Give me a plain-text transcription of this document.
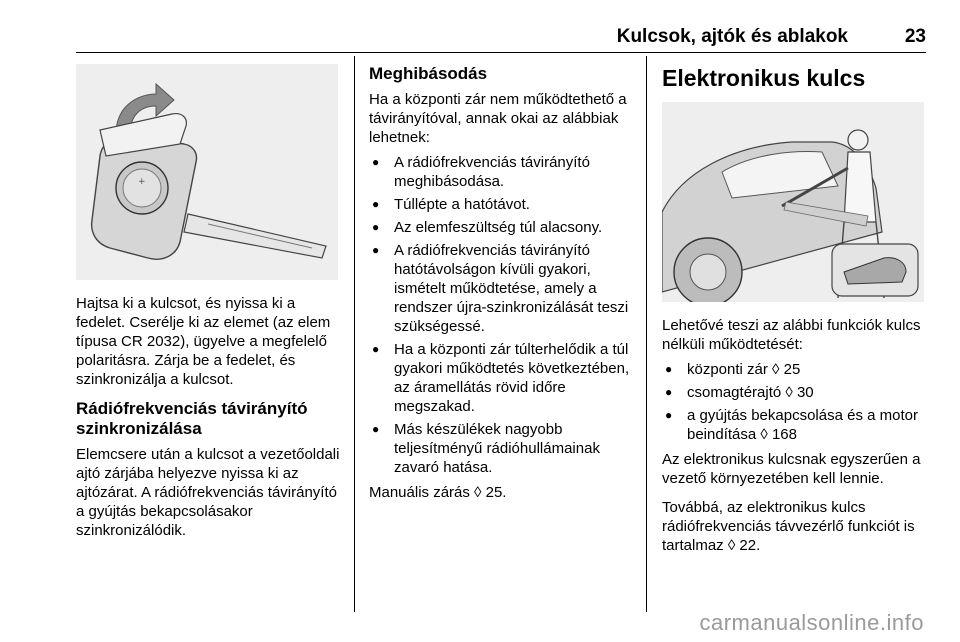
Kulcsok, ajtók és ablakok	23
+

Hajtsa ki a kulcsot, és nyissa ki a fedelet. Cserélje ki az elemet (az elem típusa CR 2032), ügyelve a megfelelő polaritásra. Zárja be a fedelet, és szinkronizálja a kulcsot.

Rádiófrekvenciás távirányító szinkronizálása

Elemcsere után a kulcsot a vezetőoldali ajtó zárjába helyezve nyissa ki az ajtózárat. A rádiófrekvenciás távirányító a gyújtás bekapcsolásakor szinkronizálódik.

Meghibásodás

Ha a központi zár nem működtethető a távirányítóval, annak okai az alábbiak lehetnek:

● A rádiófrekvenciás távirányító meghibásodása.
● Túllépte a hatótávot.
● Az elemfeszültség túl alacsony.
● A rádiófrekvenciás távirányító hatótávolságon kívüli gyakori, ismételt működtetése, amely a rendszer újra-szinkronizálását teszi szükségessé.
● Ha a központi zár túlterhelődik a túl gyakori működtetés következtében, az áramellátás rövid időre megszakad.
● Más készülékek nagyobb teljesítményű rádióhullámainak zavaró hatása.

Manuális zárás ◊ 25.

Elektronikus kulcs

Lehetővé teszi az alábbi funkciók kulcs nélküli működtetését:

● központi zár ◊ 25
● csomagtérajtó ◊ 30
● a gyújtás bekapcsolása és a motor beindítása ◊ 168

Az elektronikus kulcsnak egyszerűen a vezető környezetében kell lennie.

Továbbá, az elektronikus kulcs rádiófrekvenciás távvezérlő funkciót is tartalmaz ◊ 22.

carmanualsonline.info
